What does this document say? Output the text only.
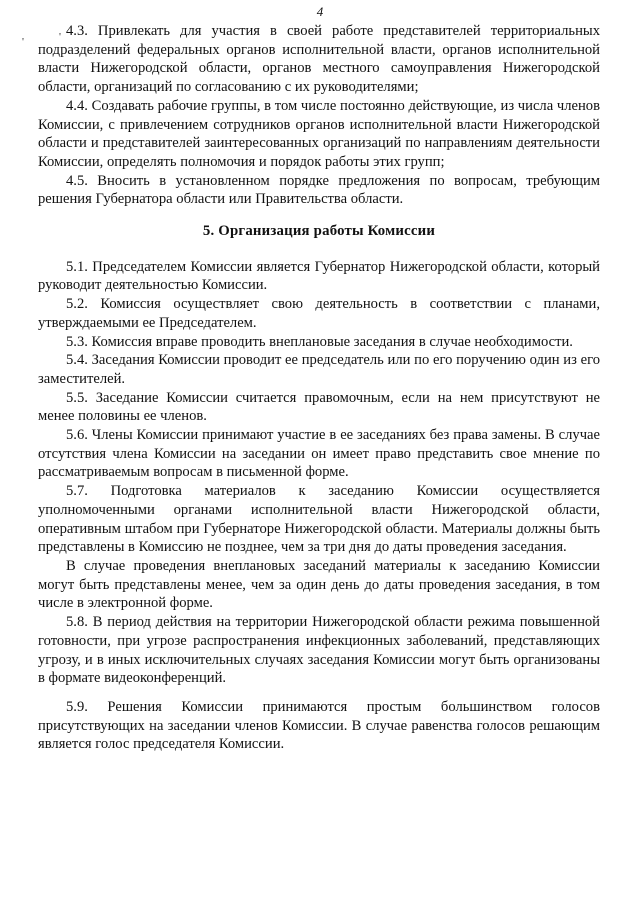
4
'	' 4.3. Привлекать для участия в своей работе представителей территориальных подразделений федеральных органов исполнительной власти, органов исполнительной власти Нижегородской области, органов местного самоуправления Нижегородской области, организаций по согласованию с их руководителями;

4.4. Создавать рабочие группы, в том числе постоянно действующие, из числа членов Комиссии, с привлечением сотрудников органов исполнительной власти Нижегородской области и представителей заинтересованных организаций по направлениям деятельности Комиссии, определять полномочия и порядок работы этих групп;

4.5. Вносить в установленном порядке предложения по вопросам, требующим решения Губернатора области или Правительства области.

5. Организация работы Комиссии

5.1. Председателем Комиссии является Губернатор Нижегородской области, который руководит деятельностью Комиссии.

5.2. Комиссия осуществляет свою деятельность в соответствии с планами, утверждаемыми ее Председателем.

5.3. Комиссия вправе проводить внеплановые заседания в случае необходимости.

5.4. Заседания Комиссии проводит ее председатель или по его поручению один из его заместителей.

5.5. Заседание Комиссии считается правомочным, если на нем присутствуют не менее половины ее членов.

5.6. Члены Комиссии принимают участие в ее заседаниях без права замены. В случае отсутствия члена Комиссии на заседании он имеет право представить свое мнение по рассматриваемым вопросам в письменной форме.

5.7. Подготовка материалов к заседанию Комиссии осуществляется уполномоченными органами исполнительной власти Нижегородской области, оперативным штабом при Губернаторе Нижегородской области. Материалы должны быть представлены в Комиссию не позднее, чем за три дня до даты проведения заседания.

В случае проведения внеплановых заседаний материалы к заседанию Комиссии могут быть представлены менее, чем за один день до даты проведения заседания, в том числе в электронной форме.

5.8. В период действия на территории Нижегородской области режима повышенной готовности, при угрозе распространения инфекционных заболеваний, представляющих угрозу, и в иных исключительных случаях заседания Комиссии могут быть организованы в формате видеоконференций.

5.9. Решения Комиссии принимаются простым большинством голосов присутствующих на заседании членов Комиссии. В случае равенства голосов решающим является голос председателя Комиссии.
